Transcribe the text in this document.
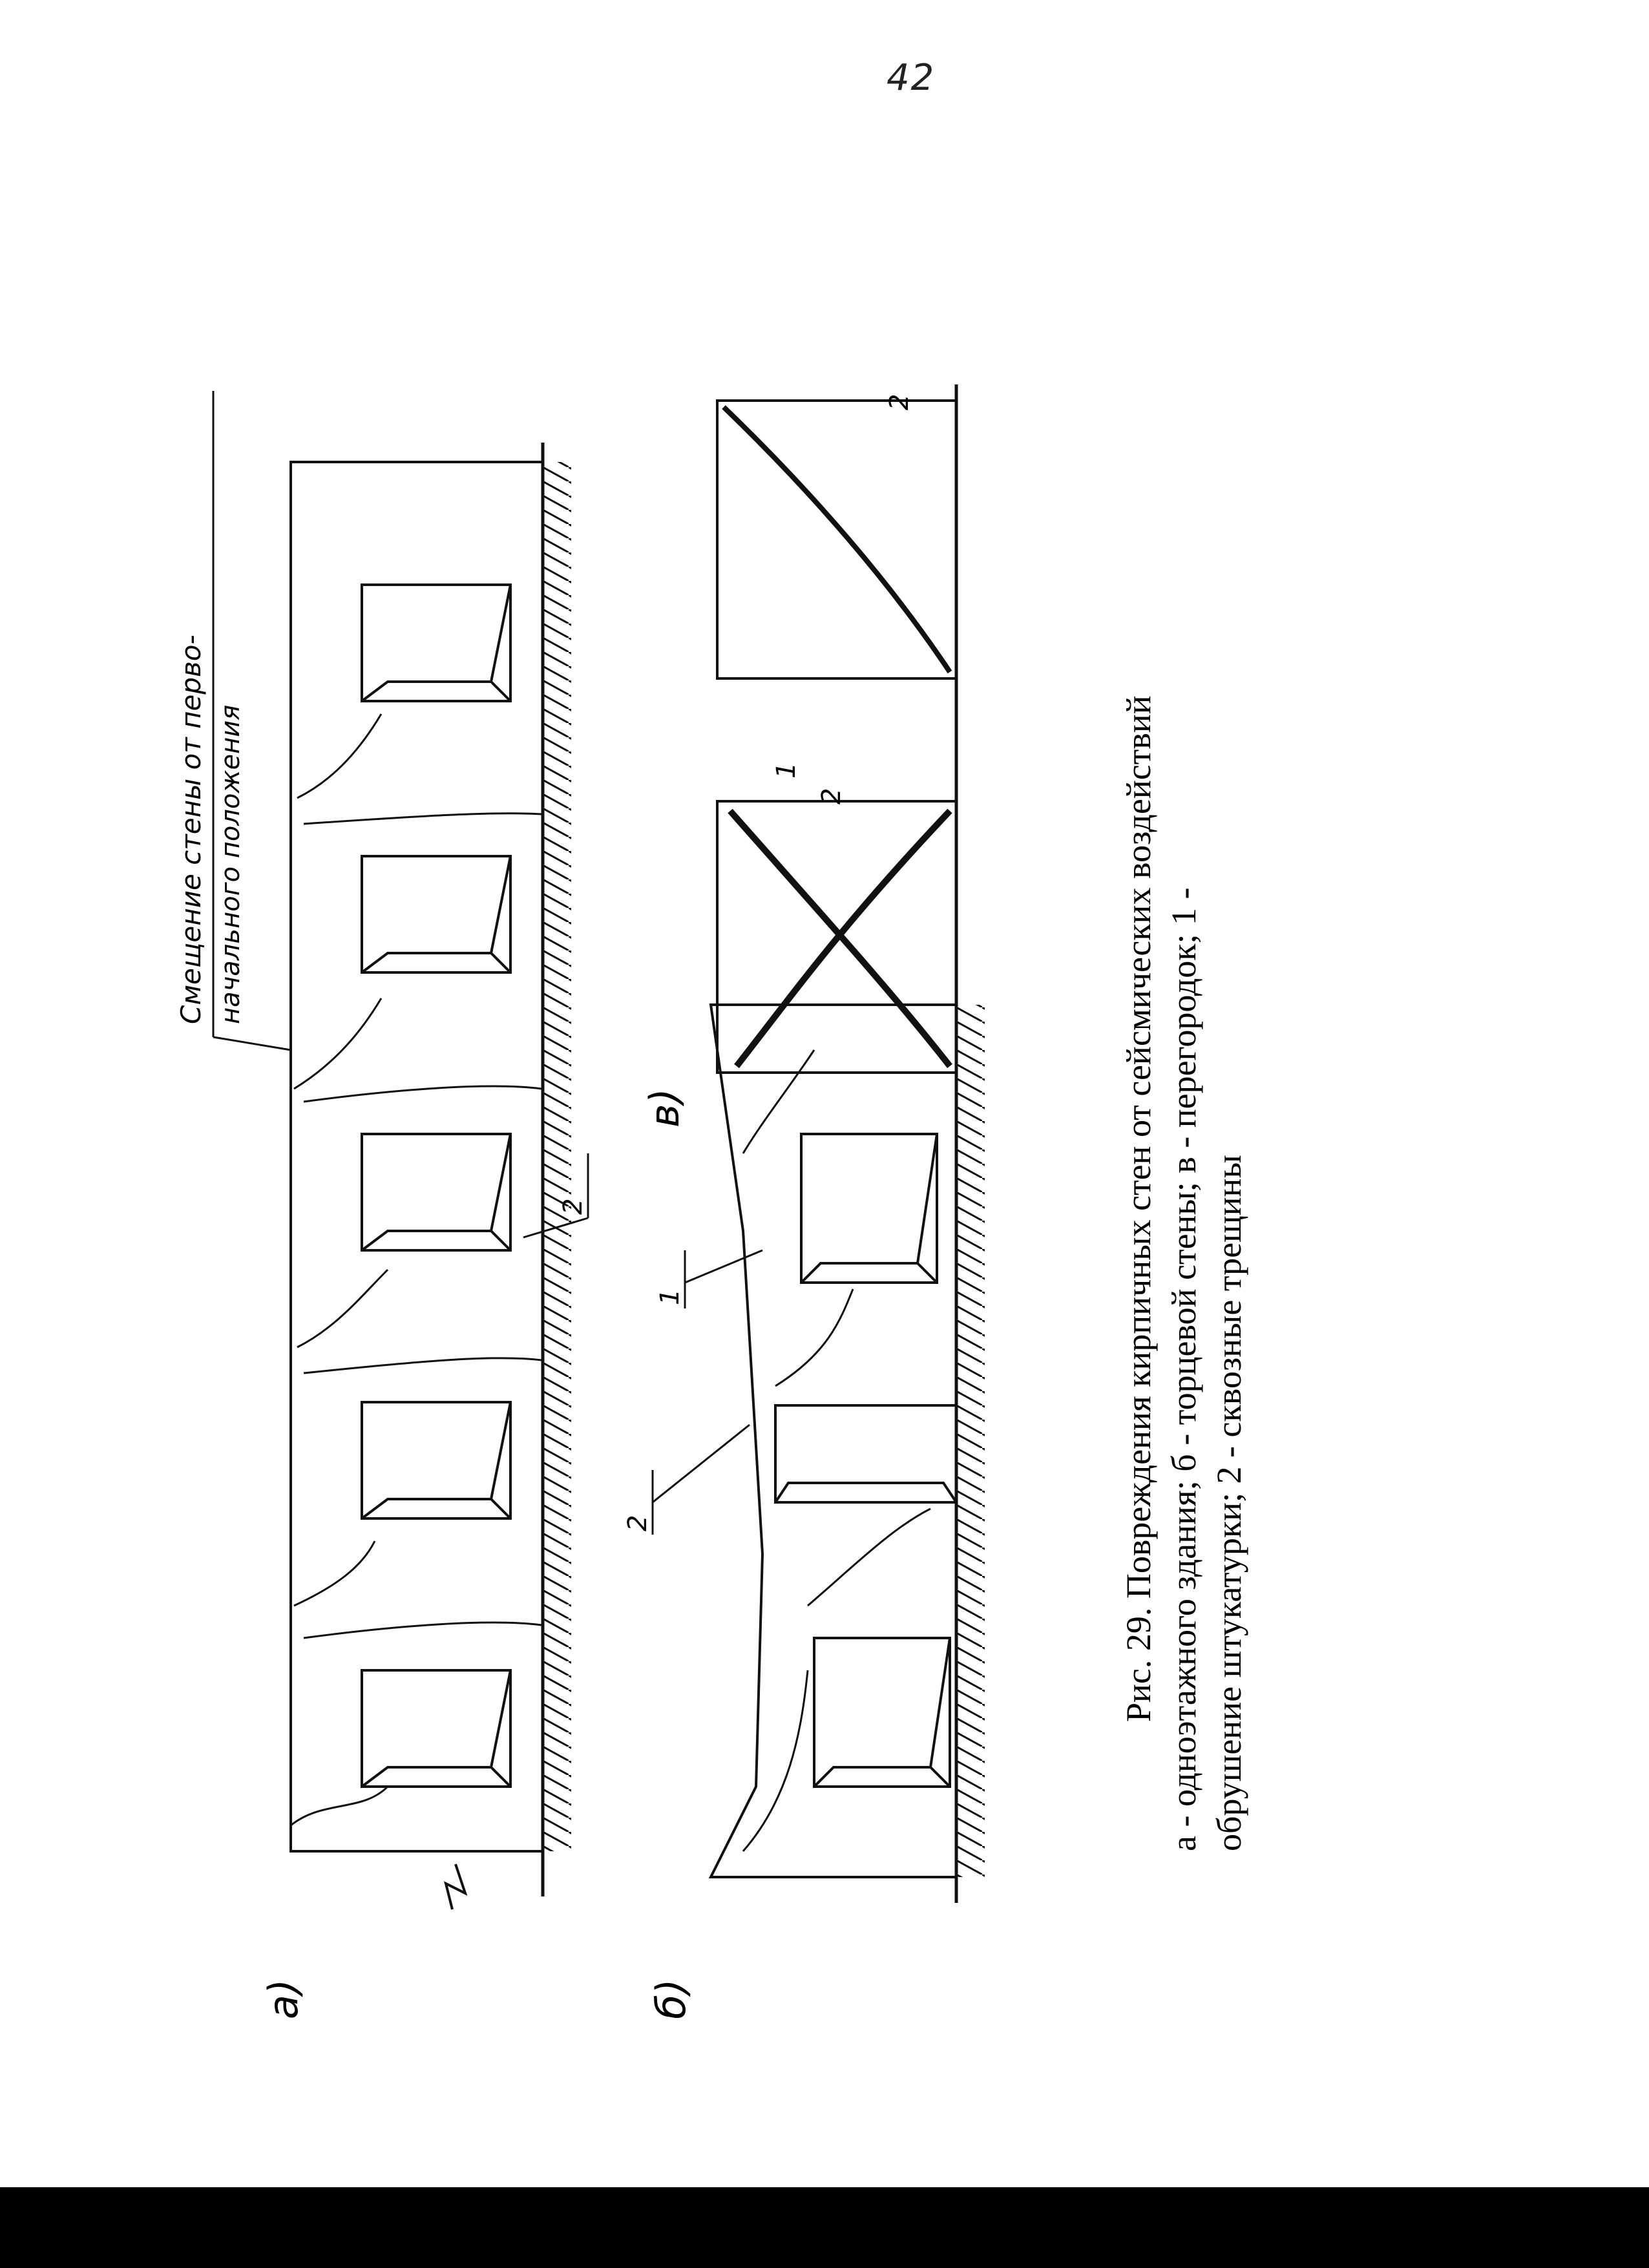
42
а)
Смещение стены от перво- начального положения
2
б)
1
2
в)
1
2
2
Рис. 29. Повреждения кирпичных стен от сейсмических воздействий а - одноэтажного здания; б - торцевой стены; в - перегородок; 1 - обрушение штукатурки; 2 - сквозные трещины
